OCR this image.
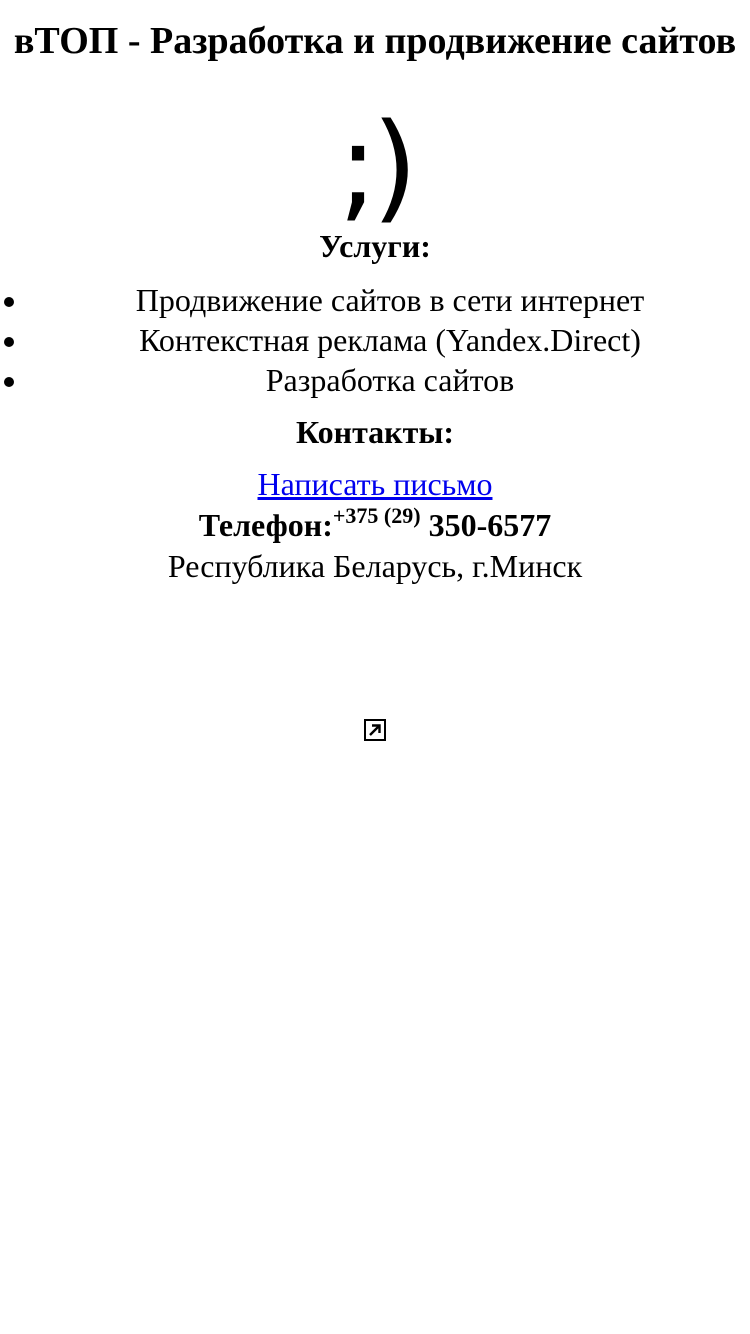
вТОП - Разработка и продвижение сайтов
;)
Услуги:
• Продвижение сайтов в сети интернет
• Контекстная реклама (Yandex.Direct)
• Разработка сайтов
Контакты:

Написать письмо

Телефон:$^{+375 (29)}$ 350-6577

Республика Беларусь, г.Минск
